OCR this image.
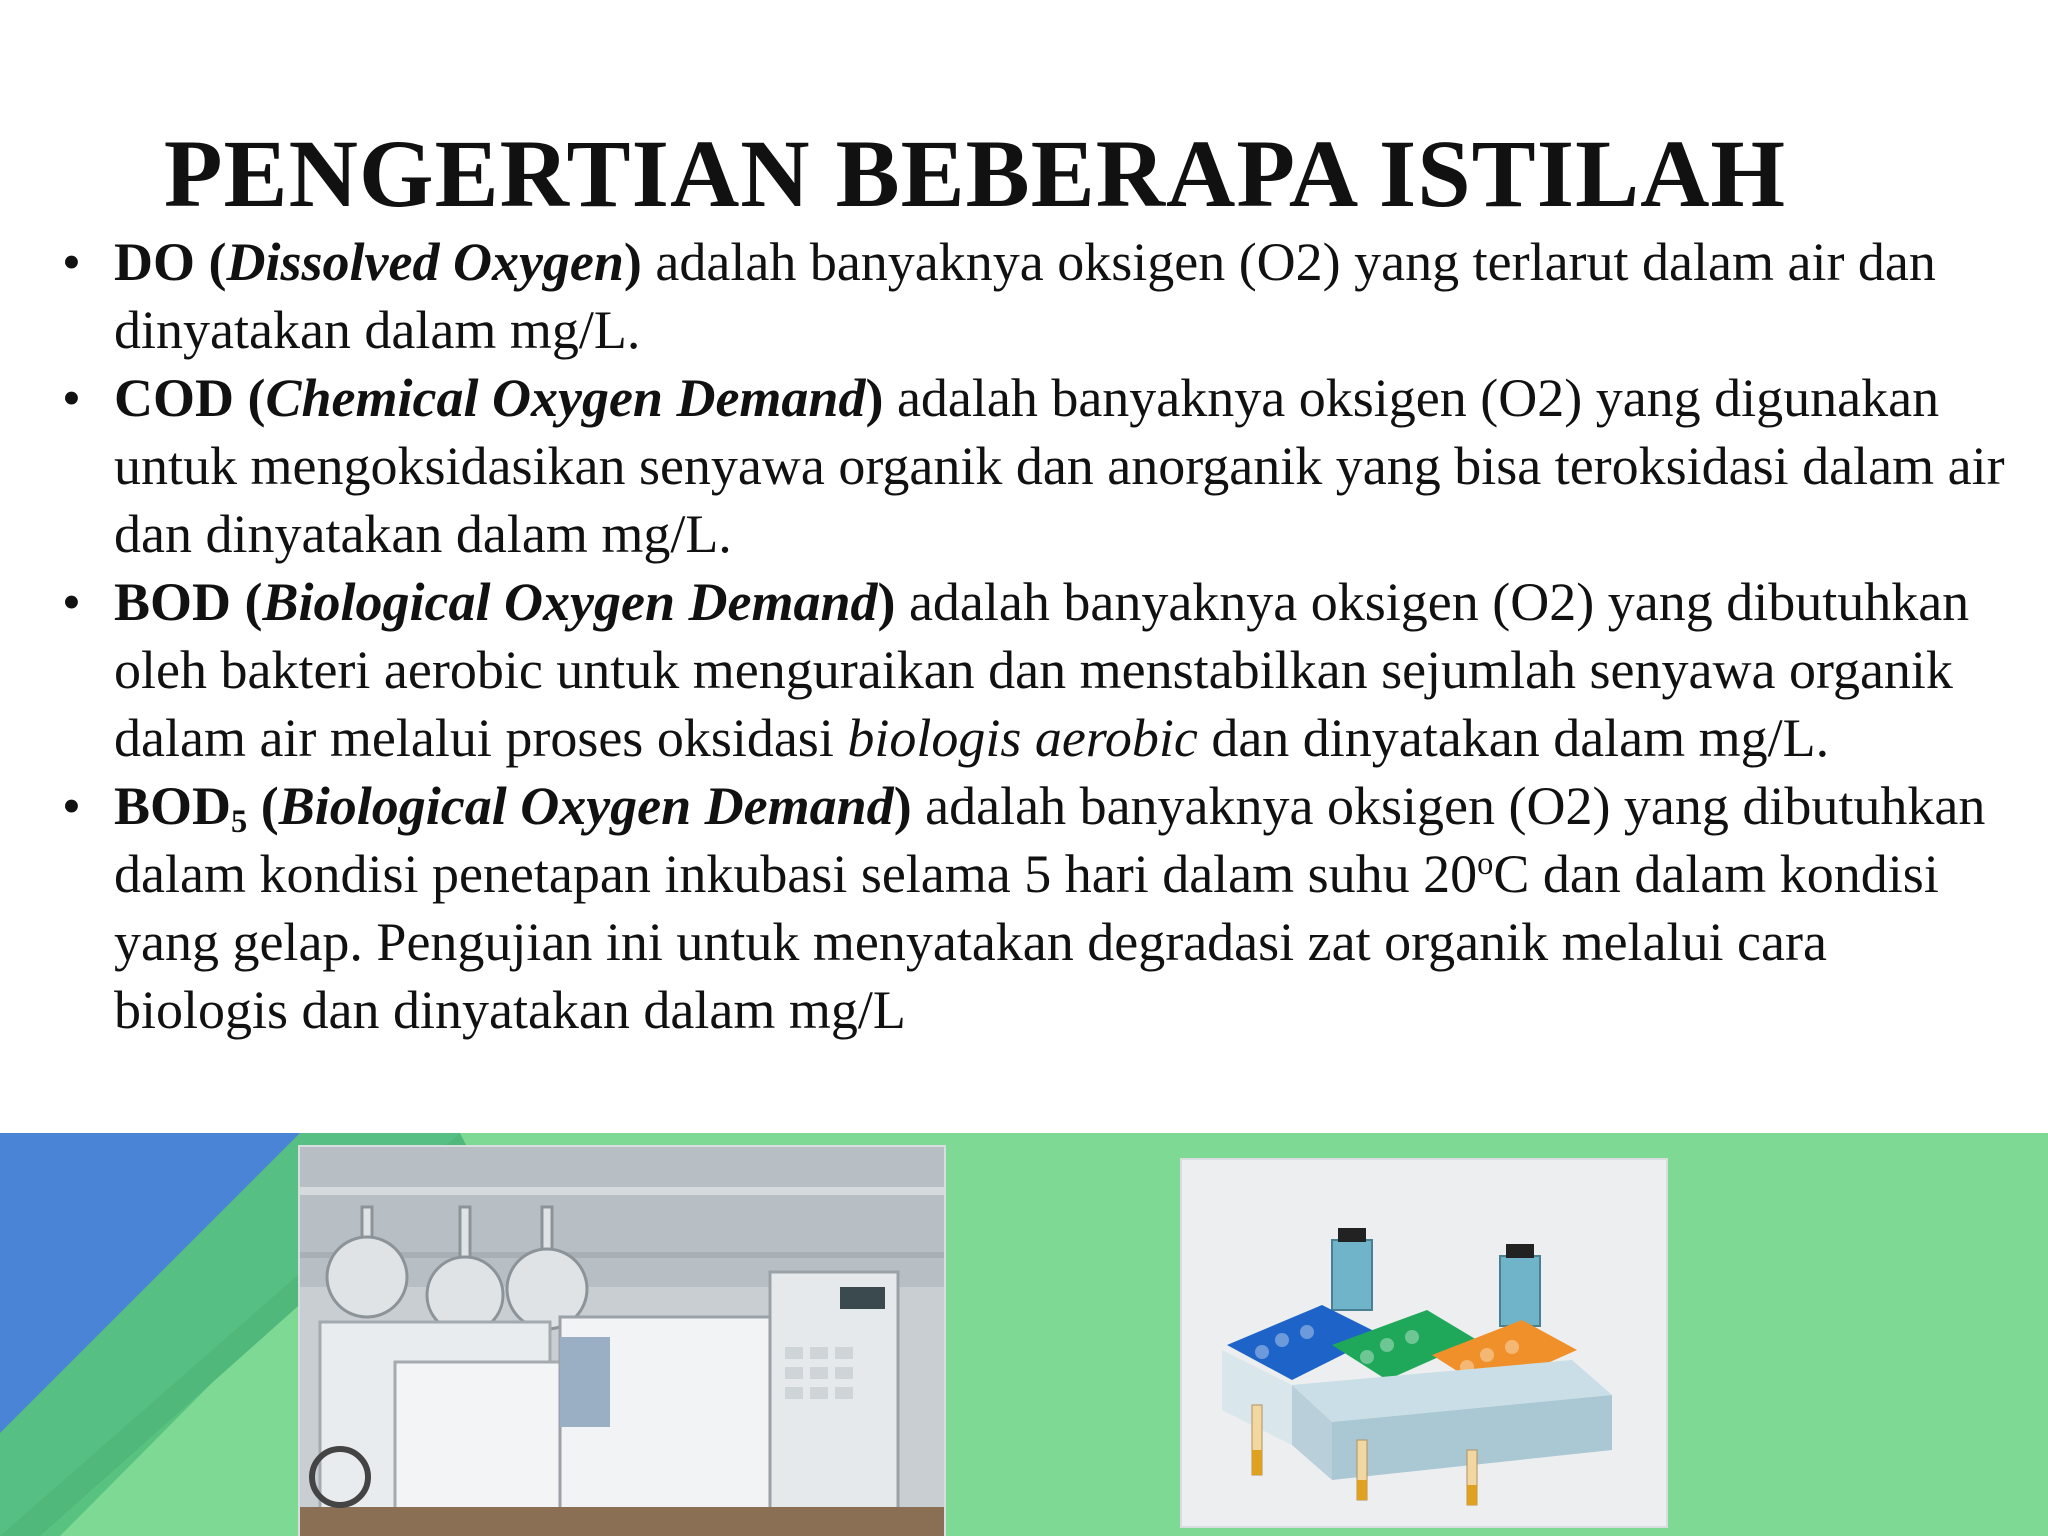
PENGERTIAN BEBERAPA ISTILAH
• DO (Dissolved Oxygen) adalah banyaknya oksigen (O2) yang terlarut dalam air dan dinyatakan dalam mg/L.
• COD (Chemical Oxygen Demand) adalah banyaknya oksigen (O2) yang digunakan untuk mengoksidasikan senyawa organik dan anorganik yang bisa teroksidasi dalam air dan dinyatakan dalam mg/L.
• BOD (Biological Oxygen Demand) adalah banyaknya oksigen (O2) yang dibutuhkan oleh bakteri aerobic untuk menguraikan dan menstabilkan sejumlah senyawa organik dalam air melalui proses oksidasi biologis aerobic dan dinyatakan dalam mg/L.
• $BOD_5$ (Biological Oxygen Demand) adalah banyaknya oksigen (O2) yang dibutuhkan dalam kondisi penetapan inkubasi selama 5 hari dalam suhu 20$^o$C dan dalam kondisi yang gelap. Pengujian ini untuk menyatakan degradasi zat organik melalui cara biologis dan dinyatakan dalam mg/L
